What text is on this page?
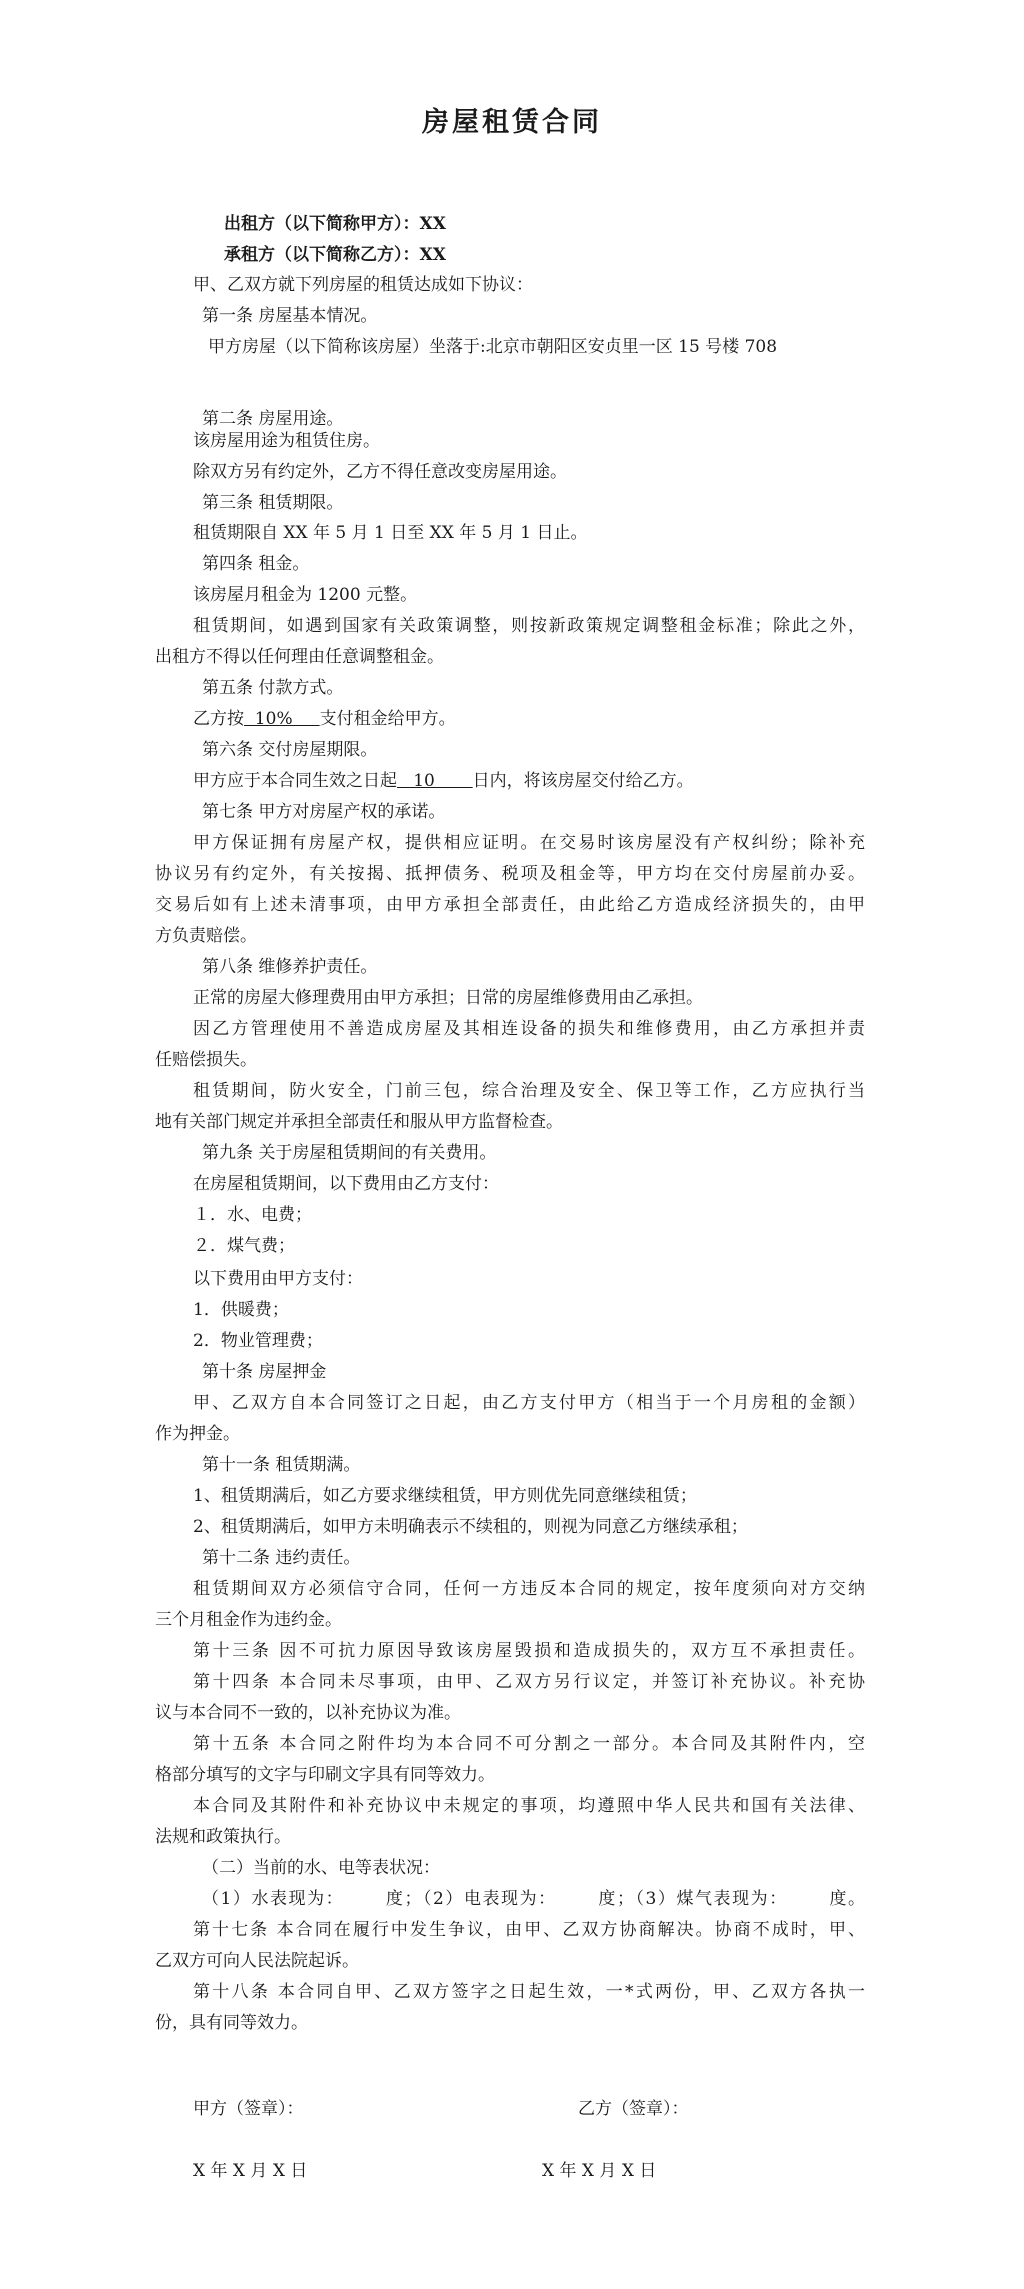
房屋租赁合同
出租方（以下简称甲方）：XX
承租方（以下简称乙方）：XX
甲、乙双方就下列房屋的租赁达成如下协议：
第一条 房屋基本情况。
甲方房屋（以下简称该房屋）坐落于:北京市朝阳区安贞里一区 15 号楼 708
第二条 房屋用途。
该房屋用途为租赁住房。
除双方另有约定外，乙方不得任意改变房屋用途。
第三条 租赁期限。
租赁期限自 XX 年 5 月 1 日至 XX 年 5 月 1 日止。
第四条 租金。
该房屋月租金为 1200 元整。
租赁期间，如遇到国家有关政策调整，则按新政策规定调整租金标准；除此之外，
出租方不得以任何理由任意调整租金。
第五条 付款方式。
乙方按  10%     支付租金给甲方。
第六条 交付房屋期限。
甲方应于本合同生效之日起   10       日内，将该房屋交付给乙方。
第七条 甲方对房屋产权的承诺。
甲方保证拥有房屋产权，提供相应证明。在交易时该房屋没有产权纠纷；除补充
协议另有约定外，有关按揭、抵押债务、税项及租金等，甲方均在交付房屋前办妥。
交易后如有上述未清事项，由甲方承担全部责任，由此给乙方造成经济损失的，由甲
方负责赔偿。
第八条 维修养护责任。
正常的房屋大修理费用由甲方承担；日常的房屋维修费用由乙承担。
因乙方管理使用不善造成房屋及其相连设备的损失和维修费用，由乙方承担并责
任赔偿损失。
租赁期间，防火安全，门前三包，综合治理及安全、保卫等工作，乙方应执行当
地有关部门规定并承担全部责任和服从甲方监督检查。
第九条 关于房屋租赁期间的有关费用。
在房屋租赁期间，以下费用由乙方支付：
１．水、电费；
２．煤气费；
以下费用由甲方支付：
1．供暖费；
2．物业管理费；
第十条 房屋押金
甲、乙双方自本合同签订之日起，由乙方支付甲方（相当于一个月房租的金额）
作为押金。
第十一条 租赁期满。
1、租赁期满后，如乙方要求继续租赁，甲方则优先同意继续租赁；
2、租赁期满后，如甲方未明确表示不续租的，则视为同意乙方继续承租；
第十二条 违约责任。
租赁期间双方必须信守合同，任何一方违反本合同的规定，按年度须向对方交纳
三个月租金作为违约金。
第十三条 因不可抗力原因导致该房屋毁损和造成损失的，双方互不承担责任。
第十四条 本合同未尽事项，由甲、乙双方另行议定，并签订补充协议。补充协
议与本合同不一致的，以补充协议为准。
第十五条 本合同之附件均为本合同不可分割之一部分。本合同及其附件内，空
格部分填写的文字与印刷文字具有同等效力。
本合同及其附件和补充协议中未规定的事项，均遵照中华人民共和国有关法律、
法规和政策执行。
（二）当前的水、电等表状况：
（1）水表现为：      度；（2）电表现为：      度；（3）煤气表现为：      度。
第十七条 本合同在履行中发生争议，由甲、乙双方协商解决。协商不成时，甲、
乙双方可向人民法院起诉。
第十八条 本合同自甲、乙双方签字之日起生效，一*式两份，甲、乙双方各执一
份，具有同等效力。
甲方（签章）：
X 年 X 月 X 日
乙方（签章）：
X 年 X 月 X 日
